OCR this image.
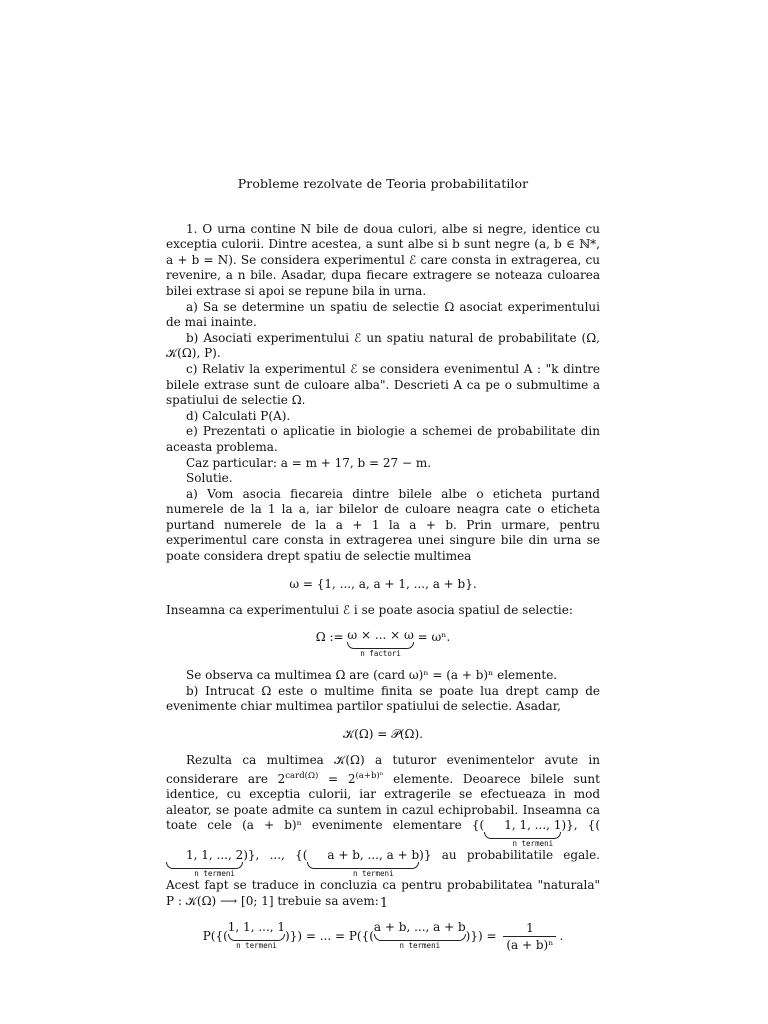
Probleme rezolvate de Teoria probabilitatilor

1. O urna contine N bile de doua culori, albe si negre, identice cu exceptia culorii. Dintre acestea, a sunt albe si b sunt negre (a, b ∈ ℕ*, a + b = N). Se considera experimentul ℰ care consta in extragerea, cu revenire, a n bile. Asadar, dupa fiecare extragere se noteaza culoarea bilei extrase si apoi se repune bila in urna.

a) Sa se determine un spatiu de selectie Ω asociat experimentului de mai inainte.

b) Asociati experimentului ℰ un spatiu natural de probabilitate (Ω, 𝒦(Ω), P).

c) Relativ la experimentul ℰ se considera evenimentul A : "k dintre bilele extrase sunt de culoare alba". Descrieti A ca pe o submultime a spatiului de selectie Ω.

d) Calculati P(A).

e) Prezentati o aplicatie in biologie a schemei de probabilitate din aceasta problema.

Caz particular: a = m + 17, b = 27 − m.

Solutie.

a) Vom asocia fiecareia dintre bilele albe o eticheta purtand numerele de la 1 la a, iar bilelor de culoare neagra cate o eticheta purtand numerele de la a + 1 la a + b. Prin urmare, pentru experimentul care consta in extragerea unei singure bile din urna se poate considera drept spatiu de selectie multimea

ω = {1, ..., a, a + 1, ..., a + b}.

Inseamna ca experimentului ℰ i se poate asocia spatiul de selectie:

Ω := ω × ... × ω
n factori
= ωⁿ.

Se observa ca multimea Ω are (card ω)ⁿ = (a + b)ⁿ elemente.

b) Intrucat Ω este o multime finita se poate lua drept camp de evenimente chiar multimea partilor spatiului de selectie. Asadar,

𝒦(Ω) = 𝒫(Ω).

Rezulta ca multimea 𝒦(Ω) a tuturor evenimentelor avute in considerare are $2^{card(\Omega)} = 2^{(a+b)^n}$ elemente. Deoarece bilele sunt identice, cu exceptia culorii, iar extragerile se efectueaza in mod aleator, se poate admite ca suntem in cazul echiprobabil. Inseamna ca toate cele (a + b)ⁿ evenimente elementare {( 1, 1, ..., 1
n termeni
)}, {(1, 1, ..., 2
n termeni
)}, ..., {( a + b, ..., a + b
n termeni
)} au probabilitatile egale. Acest fapt se traduce in concluzia ca pentru probabilitatea "naturala" P : 𝒦(Ω) ⟶ [0; 1] trebuie sa avem:

P({(1, 1, ..., 1
n termeni
)}) = ... = P({(a + b, ..., a + b
n termeni
)}) = $\frac{1}{\text{(a + b)ⁿ}}$ .
1
